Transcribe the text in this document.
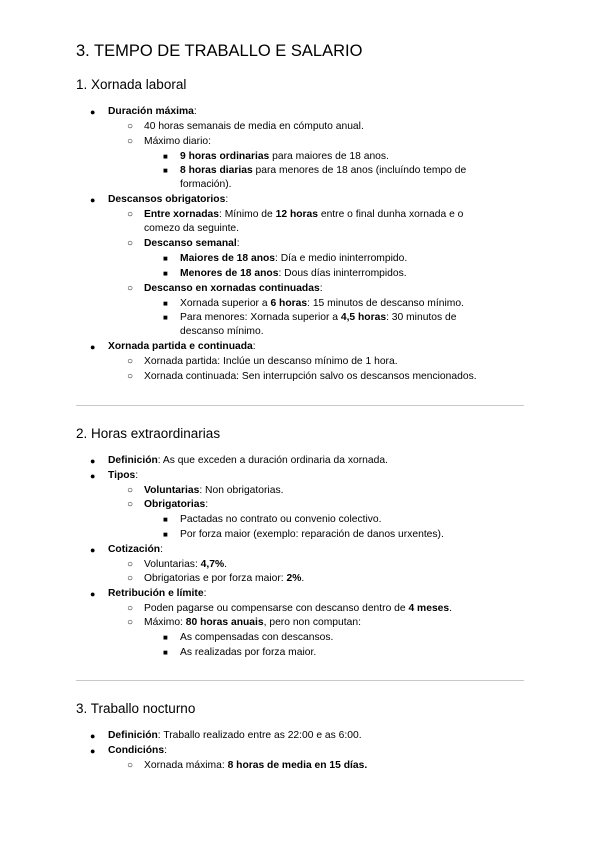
3. TEMPO DE TRABALLO E SALARIO
1. Xornada laboral
● Duración máxima:
○ 40 horas semanais de media en cómputo anual.
○ Máximo diario:
■ 9 horas ordinarias para maiores de 18 anos.
■ 8 horas diarias para menores de 18 anos (incluíndo tempo de
formación).
● Descansos obrigatorios:
○ Entre xornadas: Mínimo de 12 horas entre o final dunha xornada e o
comezo da seguinte.
○ Descanso semanal:
■ Maiores de 18 anos: Día e medio ininterrompido.
■ Menores de 18 anos: Dous días ininterrompidos.
○ Descanso en xornadas continuadas:
■ Xornada superior a 6 horas: 15 minutos de descanso mínimo.
■ Para menores: Xornada superior a 4,5 horas: 30 minutos de
descanso mínimo.
● Xornada partida e continuada:
○ Xornada partida: Inclúe un descanso mínimo de 1 hora.
○ Xornada continuada: Sen interrupción salvo os descansos mencionados.
2. Horas extraordinarias
● Definición: As que exceden a duración ordinaria da xornada.
● Tipos:
○ Voluntarias: Non obrigatorias.
○ Obrigatorias:
■ Pactadas no contrato ou convenio colectivo.
■ Por forza maior (exemplo: reparación de danos urxentes).
● Cotización:
○ Voluntarias: 4,7%.
○ Obrigatorias e por forza maior: 2%.
● Retribución e límite:
○ Poden pagarse ou compensarse con descanso dentro de 4 meses.
○ Máximo: 80 horas anuais, pero non computan:
■ As compensadas con descansos.
■ As realizadas por forza maior.
3. Traballo nocturno
● Definición: Traballo realizado entre as 22:00 e as 6:00.
● Condicións:
○ Xornada máxima: 8 horas de media en 15 días.
